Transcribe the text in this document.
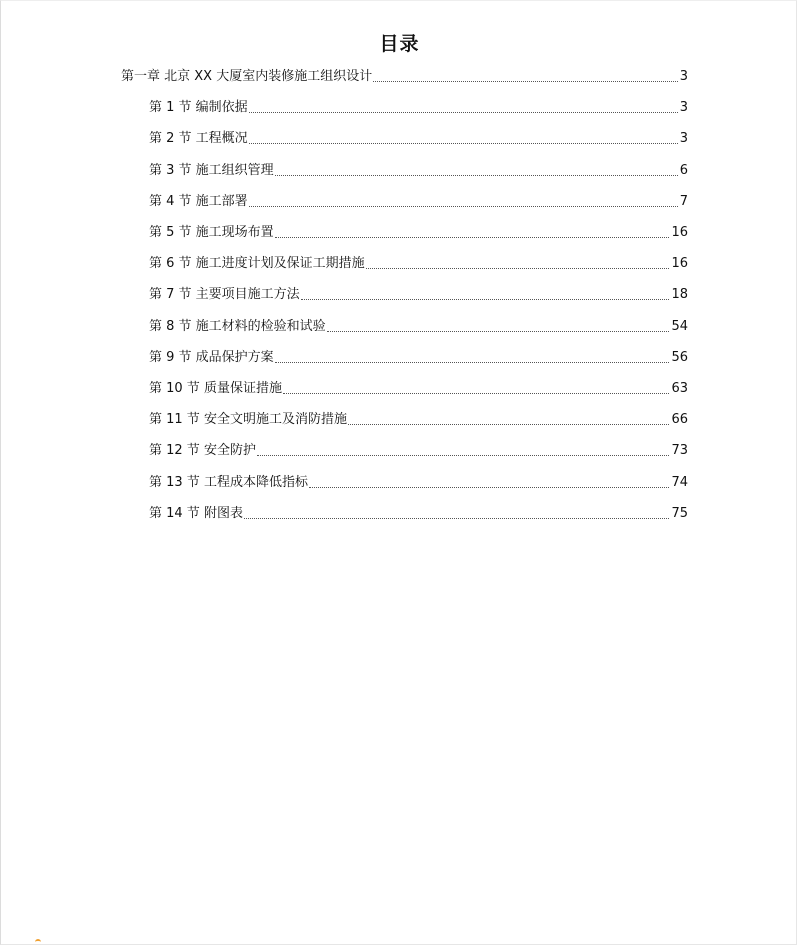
目录
第一章 北京 XX 大厦室内装修施工组织设计	3
第 1 节 编制依据	3
第 2 节 工程概况	3
第 3 节 施工组织管理	6
第 4 节 施工部署	7
第 5 节 施工现场布置	16
第 6 节 施工进度计划及保证工期措施	16
第 7 节 主要项目施工方法	18
第 8 节 施工材料的检验和试验	54
第 9 节 成品保护方案	56
第 10 节 质量保证措施	63
第 11 节 安全文明施工及消防措施	66
第 12 节 安全防护	73
第 13 节 工程成本降低指标	74
第 14 节 附图表	75
